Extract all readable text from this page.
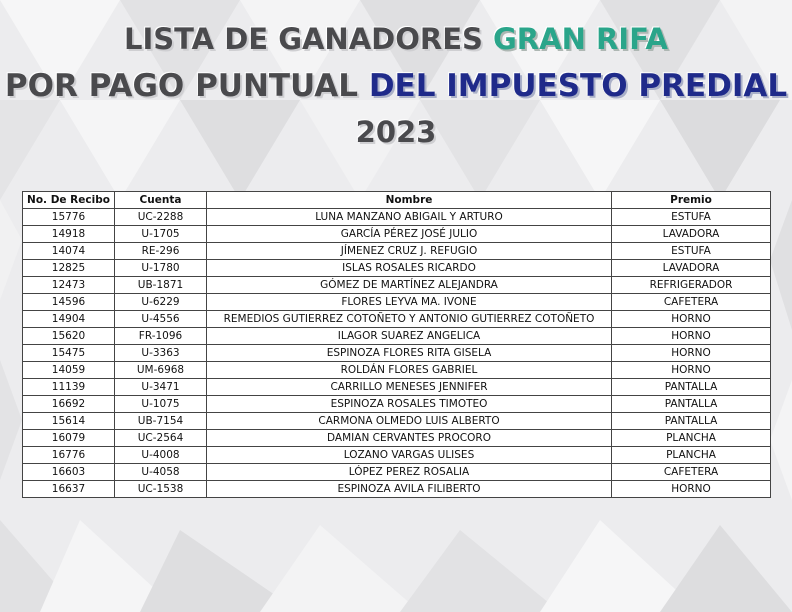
LISTA DE GANADORES GRAN RIFA
POR PAGO PUNTUAL DEL IMPUESTO PREDIAL
2023
No. De Recibo	Cuenta	Nombre	Premio
15776	UC-2288	LUNA MANZANO ABIGAIL Y ARTURO	ESTUFA
14918	U-1705	GARCÍA PÉREZ JOSÉ JULIO	LAVADORA
14074	RE-296	JÍMENEZ CRUZ J. REFUGIO	ESTUFA
12825	U-1780	ISLAS ROSALES RICARDO	LAVADORA
12473	UB-1871	GÓMEZ DE MARTÍNEZ ALEJANDRA	REFRIGERADOR
14596	U-6229	FLORES LEYVA MA. IVONE	CAFETERA
14904	U-4556	REMEDIOS GUTIERREZ COTOÑETO Y ANTONIO GUTIERREZ COTOÑETO	HORNO
15620	FR-1096	ILAGOR SUAREZ ANGELICA	HORNO
15475	U-3363	ESPINOZA FLORES RITA GISELA	HORNO
14059	UM-6968	ROLDÁN FLORES GABRIEL	HORNO
11139	U-3471	CARRILLO MENESES JENNIFER	PANTALLA
16692	U-1075	ESPINOZA ROSALES TIMOTEO	PANTALLA
15614	UB-7154	CARMONA OLMEDO LUIS ALBERTO	PANTALLA
16079	UC-2564	DAMIAN CERVANTES PROCORO	PLANCHA
16776	U-4008	LOZANO VARGAS ULISES	PLANCHA
16603	U-4058	LÓPEZ PEREZ ROSALIA	CAFETERA
16637	UC-1538	ESPINOZA AVILA FILIBERTO	HORNO
